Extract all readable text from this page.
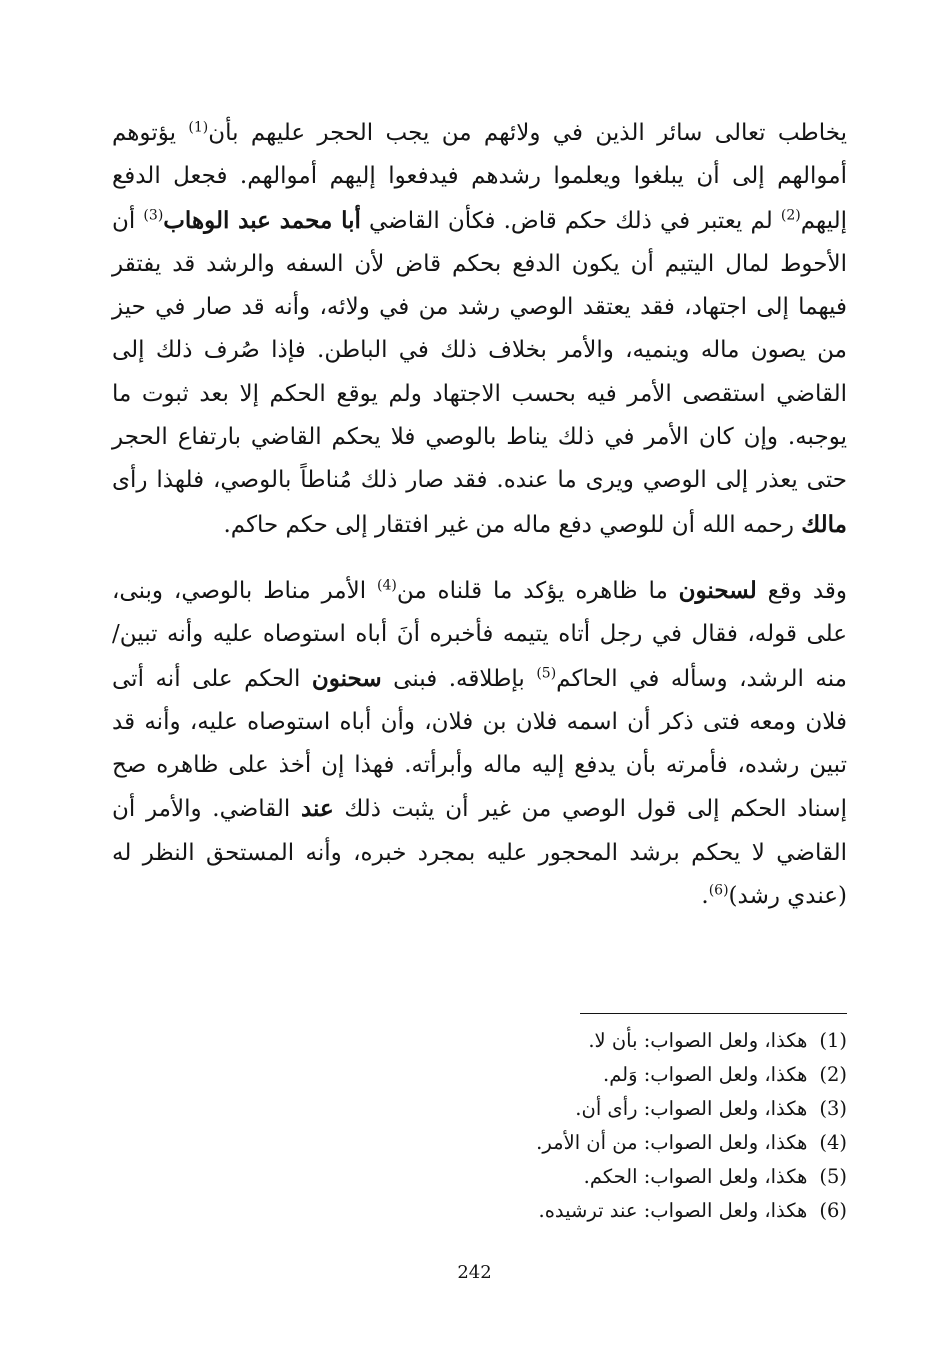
يخاطب تعالى سائر الذين في ولائهم من يجب الحجر عليهم بأن$^{(1)}$ يؤتوهم أموالهم إلى أن يبلغوا ويعلموا رشدهم فيدفعوا إليهم أموالهم. فجعل الدفع إليهم$^{(2)}$ لم يعتبر في ذلك حكم قاض. فكأن القاضي أبا محمد عبد الوهاب$^{(3)}$ أن الأحوط لمال اليتيم أن يكون الدفع بحكم قاض لأن السفه والرشد قد يفتقر فيهما إلى اجتهاد، فقد يعتقد الوصي رشد من في ولائه، وأنه قد صار في حيز من يصون ماله وينميه، والأمر بخلاف ذلك في الباطن. فإذا صُرف ذلك إلى القاضي استقصى الأمر فيه بحسب الاجتهاد ولم يوقع الحكم إلا بعد ثبوت ما يوجبه. وإن كان الأمر في ذلك يناط بالوصي فلا يحكم القاضي بارتفاع الحجر حتى يعذر إلى الوصي ويرى ما عنده. فقد صار ذلك مُناطاً بالوصي، فلهذا رأى مالك رحمه الله أن للوصي دفع ماله من غير افتقار إلى حكم حاكم.
وقد وقع لسحنون ما ظاهره يؤكد ما قلناه من$^{(4)}$ الأمر مناط بالوصي، وبنى، على قوله، فقال في رجل أتاه يتيمه فأخبره أنَ أباه استوصاه عليه وأنه تبين/ منه الرشد، وسأله في الحاكم$^{(5)}$ بإطلاقه. فبنى سحنون الحكم على أنه أتى فلان ومعه فتى ذكر أن اسمه فلان بن فلان، وأن أباه استوصاه عليه، وأنه قد تبين رشده، فأمرته بأن يدفع إليه ماله وأبرأته. فهذا إن أخذ على ظاهره صح إسناد الحكم إلى قول الوصي من غير أن يثبت ذلك عند القاضي. والأمر أن القاضي لا يحكم برشد المحجور عليه بمجرد خبره، وأنه المستحق النظر له (عندي رشد)$^{(6)}$.
(1)هكذا، ولعل الصواب: بأن لا.
(2)هكذا، ولعل الصواب: وَلم.
(3)هكذا، ولعل الصواب: رأى أن.
(4)هكذا، ولعل الصواب: من أن الأمر.
(5)هكذا، ولعل الصواب: الحكم.
(6)هكذا، ولعل الصواب: عند ترشيده.
242
